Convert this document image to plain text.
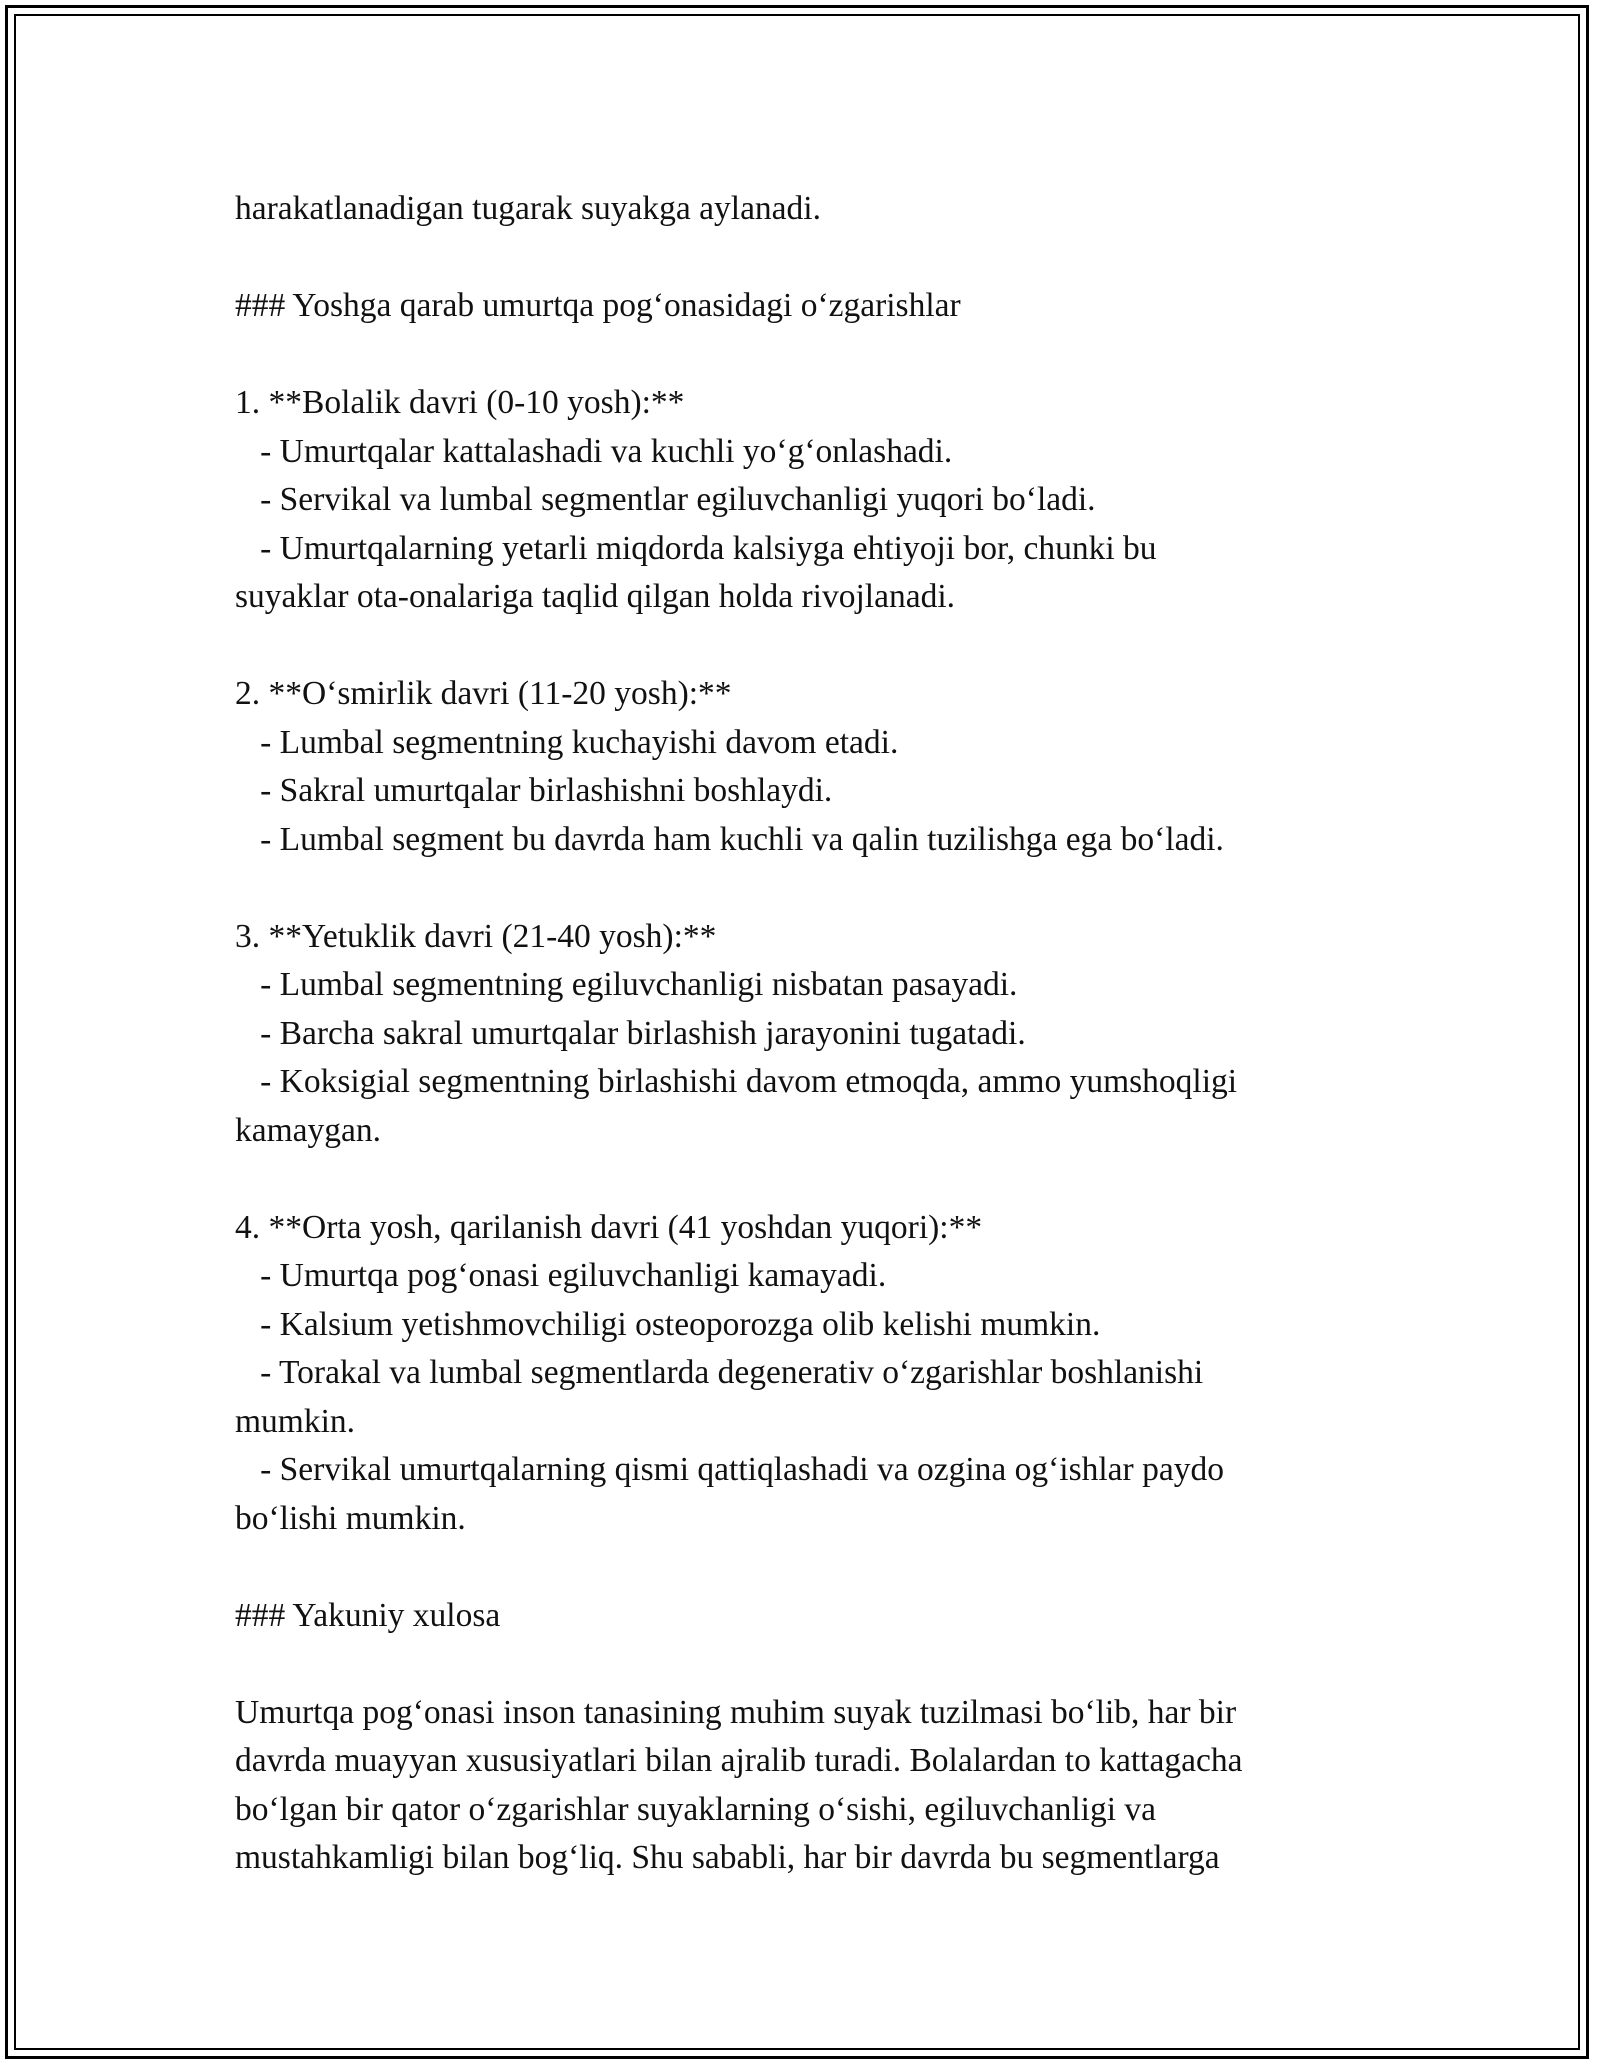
harakatlanadigan tugarak suyakga aylanadi.
### Yoshga qarab umurtqa pog‘onasidagi o‘zgarishlar
1. **Bolalik davri (0-10 yosh):**
- Umurtqalar kattalashadi va kuchli yo‘g‘onlashadi.
- Servikal va lumbal segmentlar egiluvchanligi yuqori bo‘ladi.
- Umurtqalarning yetarli miqdorda kalsiyga ehtiyoji bor, chunki bu
suyaklar ota-onalariga taqlid qilgan holda rivojlanadi.
2. **O‘smirlik davri (11-20 yosh):**
- Lumbal segmentning kuchayishi davom etadi.
- Sakral umurtqalar birlashishni boshlaydi.
- Lumbal segment bu davrda ham kuchli va qalin tuzilishga ega bo‘ladi.
3. **Yetuklik davri (21-40 yosh):**
- Lumbal segmentning egiluvchanligi nisbatan pasayadi.
- Barcha sakral umurtqalar birlashish jarayonini tugatadi.
- Koksigial segmentning birlashishi davom etmoqda, ammo yumshoqligi
kamaygan.
4. **Orta yosh, qarilanish davri (41 yoshdan yuqori):**
- Umurtqa pog‘onasi egiluvchanligi kamayadi.
- Kalsium yetishmovchiligi osteoporozga olib kelishi mumkin.
- Torakal va lumbal segmentlarda degenerativ o‘zgarishlar boshlanishi
mumkin.
- Servikal umurtqalarning qismi qattiqlashadi va ozgina og‘ishlar paydo
bo‘lishi mumkin.
### Yakuniy xulosa
Umurtqa pog‘onasi inson tanasining muhim suyak tuzilmasi bo‘lib, har bir
davrda muayyan xususiyatlari bilan ajralib turadi. Bolalardan to kattagacha
bo‘lgan bir qator o‘zgarishlar suyaklarning o‘sishi, egiluvchanligi va
mustahkamligi bilan bog‘liq. Shu sababli, har bir davrda bu segmentlarga
